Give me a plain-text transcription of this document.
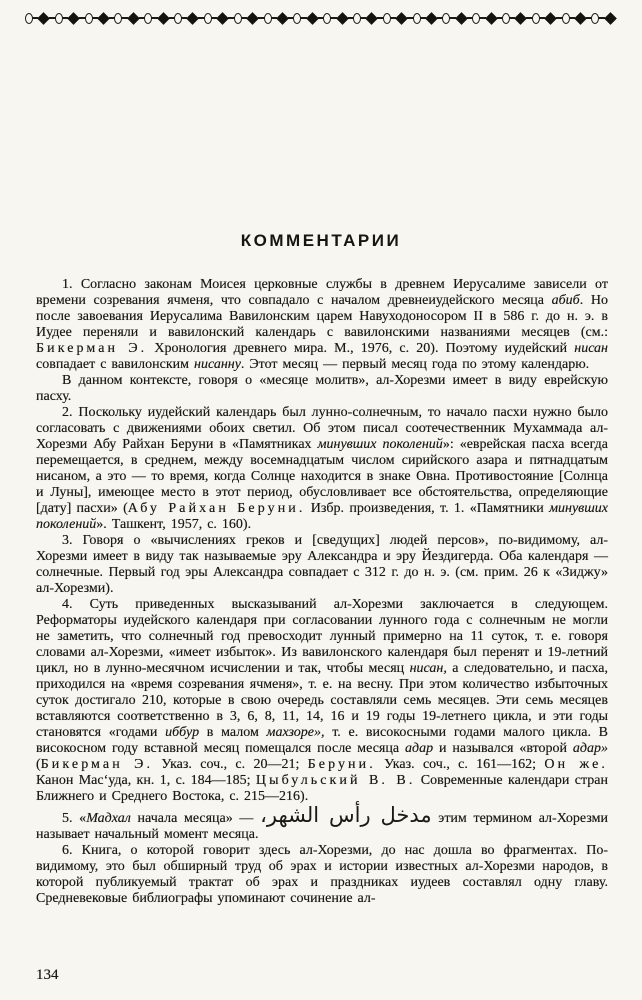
КОММЕНТАРИИ

1. Согласно законам Моисея церковные службы в древнем Иерусалиме зависели от времени созревания ячменя, что совпадало с началом древнеиудейского месяца абиб. Но после завоевания Иерусалима Вавилонским царем Навуходоносором II в 586 г. до н. э. в Иудее переняли и вавилонский календарь с вавилонскими названиями месяцев (см.: Бикерман Э. Хронология древнего мира. М., 1976, с. 20). Поэтому иудейский нисан совпадает с вавилонским нисанну. Этот месяц — первый месяц года по этому календарю.

В данном контексте, говоря о «месяце молитв», ал-Хорезми имеет в виду еврейскую пасху.

2. Поскольку иудейский календарь был лунно-солнечным, то начало пасхи нужно было согласовать с движениями обоих светил. Об этом писал соотечественник Мухаммада ал-Хорезми Абу Райхан Беруни в «Памятниках минувших поколений»: «еврейская пасха всегда перемещается, в среднем, между восемнадцатым числом сирийского азара и пятнадцатым нисаном, а это — то время, когда Солнце находится в знаке Овна. Противостояние [Солнца и Луны], имеющее место в этот период, обусловливает все обстоятельства, определяющие [дату] пасхи» (Абу Райхан Беруни. Избр. произведения, т. 1. «Памятники минувших поколений». Ташкент, 1957, с. 160).

3. Говоря о «вычислениях греков и [сведущих] людей персов», по-видимому, ал-Хорезми имеет в виду так называемые эру Александра и эру Йездигерда. Оба календаря — солнечные. Первый год эры Александра совпадает с 312 г. до н. э. (см. прим. 26 к «Зиджу» ал-Хорезми).

4. Суть приведенных высказываний ал-Хорезми заключается в следующем. Реформаторы иудейского календаря при согласовании лунного года с солнечным не могли не заметить, что солнечный год превосходит лунный примерно на 11 суток, т. е. говоря словами ал-Хорезми, «имеет избыток». Из вавилонского календаря был перенят и 19-летний цикл, но в лунно-месячном исчислении и так, чтобы месяц нисан, а следовательно, и пасха, приходился на «время созревания ячменя», т. е. на весну. При этом количество избыточных суток достигало 210, которые в свою очередь составляли семь месяцев. Эти семь месяцев вставляются соответственно в 3, 6, 8, 11, 14, 16 и 19 годы 19-летнего цикла, и эти годы становятся «годами иббур в малом махзоре», т. е. високосными годами малого цикла. В високосном году вставной месяц помещался после месяца адар и назывался «второй адар» (Бикерман Э. Указ. соч., с. 20—21; Беруни. Указ. соч., с. 161—162; Он же. Канон Мас‘уда, кн. 1, с. 184—185; Цыбульский В. В. Современные календари стран Ближнего и Среднего Востока, с. 215—216).

5. «Мадхал начала месяца» — مدخل رأس الشهر، этим термином ал-Хорезми называет начальный момент месяца.

6. Книга, о которой говорит здесь ал-Хорезми, до нас дошла во фрагментах. По-видимому, это был обширный труд об эрах и истории известных ал-Хорезми народов, в которой публикуемый трактат об эрах и праздниках иудеев составлял одну главу. Средневековые библиографы упоминают сочинение ал-

134
